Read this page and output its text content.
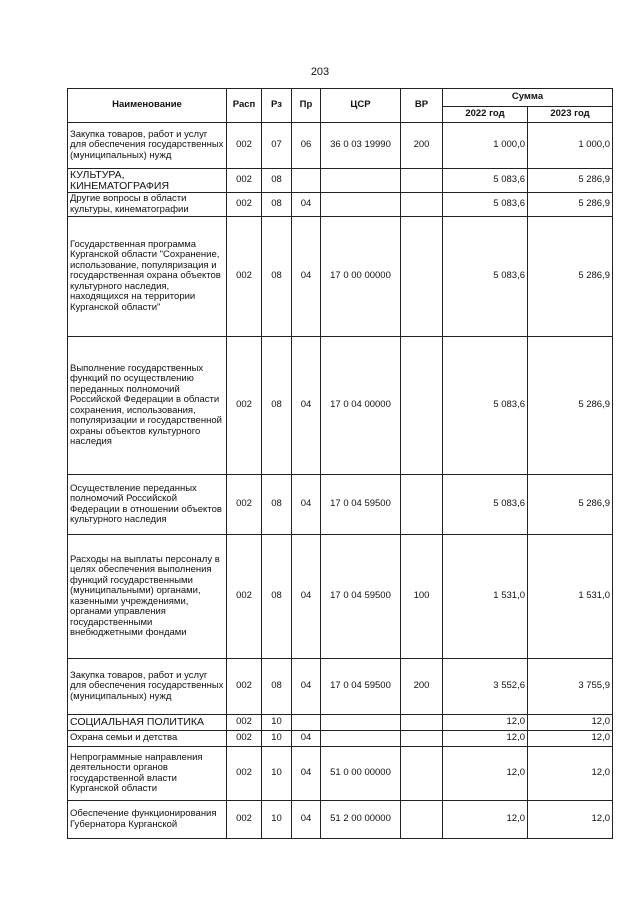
203
Наименование	Расп	Рз	Пр	ЦСР	ВР	Сумма	
						2022 год	2023 год
Закупка товаров, работ и услуг для обеспечения государственных (муниципальных) нужд	002	07	06	36 0 03 19990	200	1 000,0	1 000,0
КУЛЬТУРА, КИНЕМАТОГРАФИЯ	002	08				5 083,6	5 286,9
Другие вопросы в области культуры, кинематографии	002	08	04			5 083,6	5 286,9
Государственная программа Курганской области "Сохранение, использование, популяризация и государственная охрана объектов культурного наследия, находящихся на территории Курганской области"	002	08	04	17 0 00 00000		5 083,6	5 286,9
Выполнение государственных функций по осуществлению переданных полномочий Российской Федерации в области сохранения, использования, популяризации и государственной охраны объектов культурного наследия	002	08	04	17 0 04 00000		5 083,6	5 286,9
Осуществление переданных полномочий Российской Федерации в отношении объектов культурного наследия	002	08	04	17 0 04 59500		5 083,6	5 286,9
Расходы на выплаты персоналу в целях обеспечения выполнения функций государственными (муниципальными) органами, казенными учреждениями, органами управления государственными внебюджетными фондами	002	08	04	17 0 04 59500	100	1 531,0	1 531,0
Закупка товаров, работ и услуг для обеспечения государственных (муниципальных) нужд	002	08	04	17 0 04 59500	200	3 552,6	3 755,9
СОЦИАЛЬНАЯ ПОЛИТИКА	002	10				12,0	12,0
Охрана семьи и детства	002	10	04			12,0	12,0
Непрограммные направления деятельности органов государственной власти Курганской области	002	10	04	51 0 00 00000		12,0	12,0
Обеспечение функционирования Губернатора Курганской	002	10	04	51 2 00 00000		12,0	12,0
